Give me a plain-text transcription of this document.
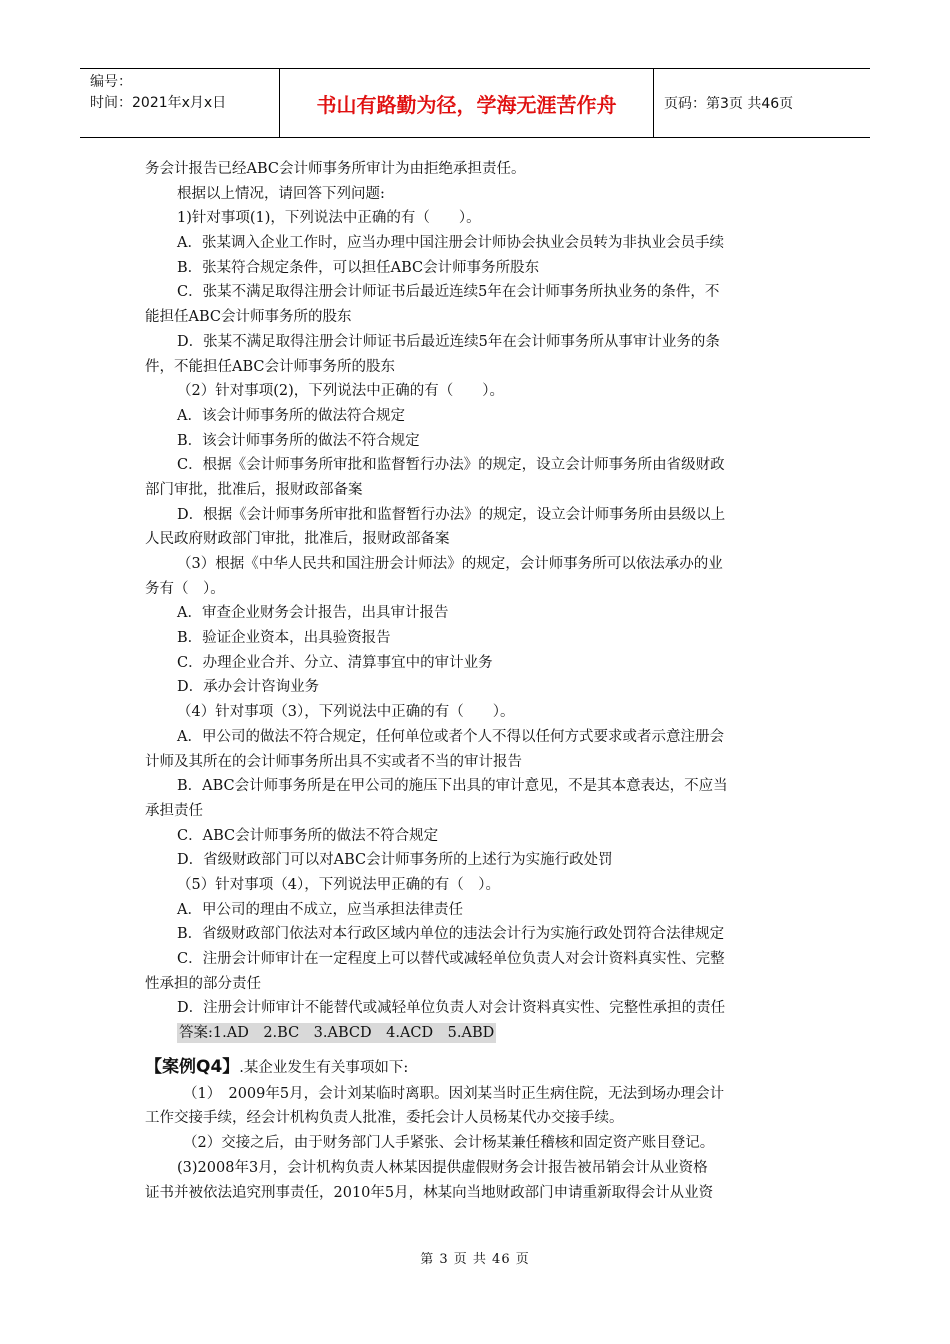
编号：
时间：2021年x月x日	书山有路勤为径，学海无涯苦作舟	页码：第3页 共46页
务会计报告已经ABC会计师事务所审计为由拒绝承担责任。
根据以上情况，请回答下列问题:
1)针对事项(1)，下列说法中正确的有（　　）。
A．张某调入企业工作时，应当办理中国注册会计师协会执业会员转为非执业会员手续
B．张某符合规定条件，可以担任ABC会计师事务所股东
C．张某不满足取得注册会计师证书后最近连续5年在会计师事务所执业务的条件，不
能担任ABC会计师事务所的股东
D．张某不满足取得注册会计师证书后最近连续5年在会计师事务所从事审计业务的条
件，不能担任ABC会计师事务所的股东
（2）针对事项(2)，下列说法中正确的有（　　）。
A．该会计师事务所的做法符合规定
B．该会计师事务所的做法不符合规定
C．根据《会计师事务所审批和监督暂行办法》的规定，设立会计师事务所由省级财政
部门审批，批准后，报财政部备案
D．根据《会计师事务所审批和监督暂行办法》的规定，设立会计师事务所由县级以上
人民政府财政部门审批，批准后，报财政部备案
（3）根据《中华人民共和国注册会计师法》的规定，会计师事务所可以依法承办的业
务有（　）。
A．审查企业财务会计报告，出具审计报告
B．验证企业资本，出具验资报告
C．办理企业合并、分立、清算事宜中的审计业务
D．承办会计咨询业务
（4）针对事项（3），下列说法中正确的有（　　）。
A．甲公司的做法不符合规定，任何单位或者个人不得以任何方式要求或者示意注册会
计师及其所在的会计师事务所出具不实或者不当的审计报告
B．ABC会计师事务所是在甲公司的施压下出具的审计意见，不是其本意表达，不应当
承担责任
C．ABC会计师事务所的做法不符合规定
D．省级财政部门可以对ABC会计师事务所的上述行为实施行政处罚
（5）针对事项（4），下列说法甲正确的有（　）。
A．甲公司的理由不成立，应当承担法律责任
B．省级财政部门依法对本行政区域内单位的违法会计行为实施行政处罚符合法律规定
C．注册会计师审计在一定程度上可以替代或减轻单位负责人对会计资料真实性、完整
性承担的部分责任
D．注册会计师审计不能替代或减轻单位负责人对会计资料真实性、完整性承担的责任
答案:1.AD　2.BC　3.ABCD　4.ACD　5.ABD
【案例Q4】.某企业发生有关事项如下:
（1）　2009年5月，会计刘某临时离职。因刘某当时正生病住院，无法到场办理会计
工作交接手续，经会计机构负责人批准，委托会计人员杨某代办交接手续。
（2）交接之后，由于财务部门人手紧张、会计杨某兼任稽核和固定资产账目登记。
(3)2008年3月，会计机构负责人林某因提供虚假财务会计报告被吊销会计从业资格
证书并被依法追究刑事责任，2010年5月，林某向当地财政部门申请重新取得会计从业资
第 3 页 共 46 页
